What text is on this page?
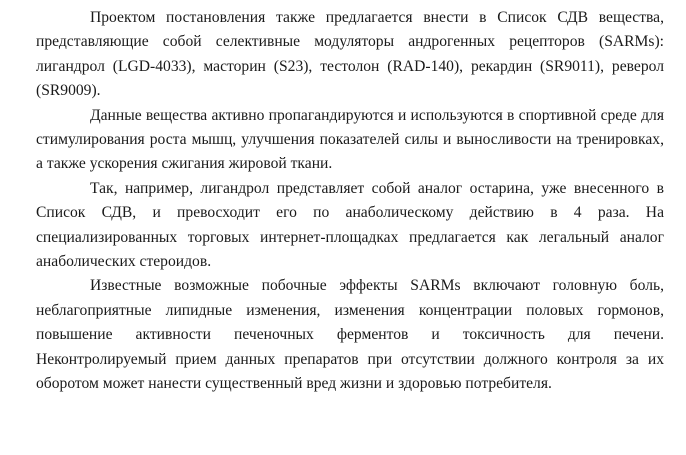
Проектом постановления также предлагается внести в Список СДВ вещества, представляющие собой селективные модуляторы андрогенных рецепторов (SARMs): лигандрол (LGD-4033), масторин (S23), тестолон (RAD-140), рекардин (SR9011), реверол (SR9009).

Данные вещества активно пропагандируются и используются в спортивной среде для стимулирования роста мышц, улучшения показателей силы и выносливости на тренировках, а также ускорения сжигания жировой ткани.

Так, например, лигандрол представляет собой аналог остарина, уже внесенного в Список СДВ, и превосходит его по анаболическому действию в 4 раза. На специализированных торговых интернет-площадках предлагается как легальный аналог анаболических стероидов.

Известные возможные побочные эффекты SARMs включают головную боль, неблагоприятные липидные изменения, изменения концентрации половых гормонов, повышение активности печеночных ферментов и токсичность для печени. Неконтролируемый прием данных препаратов при отсутствии должного контроля за их оборотом может нанести существенный вред жизни и здоровью потребителя.
